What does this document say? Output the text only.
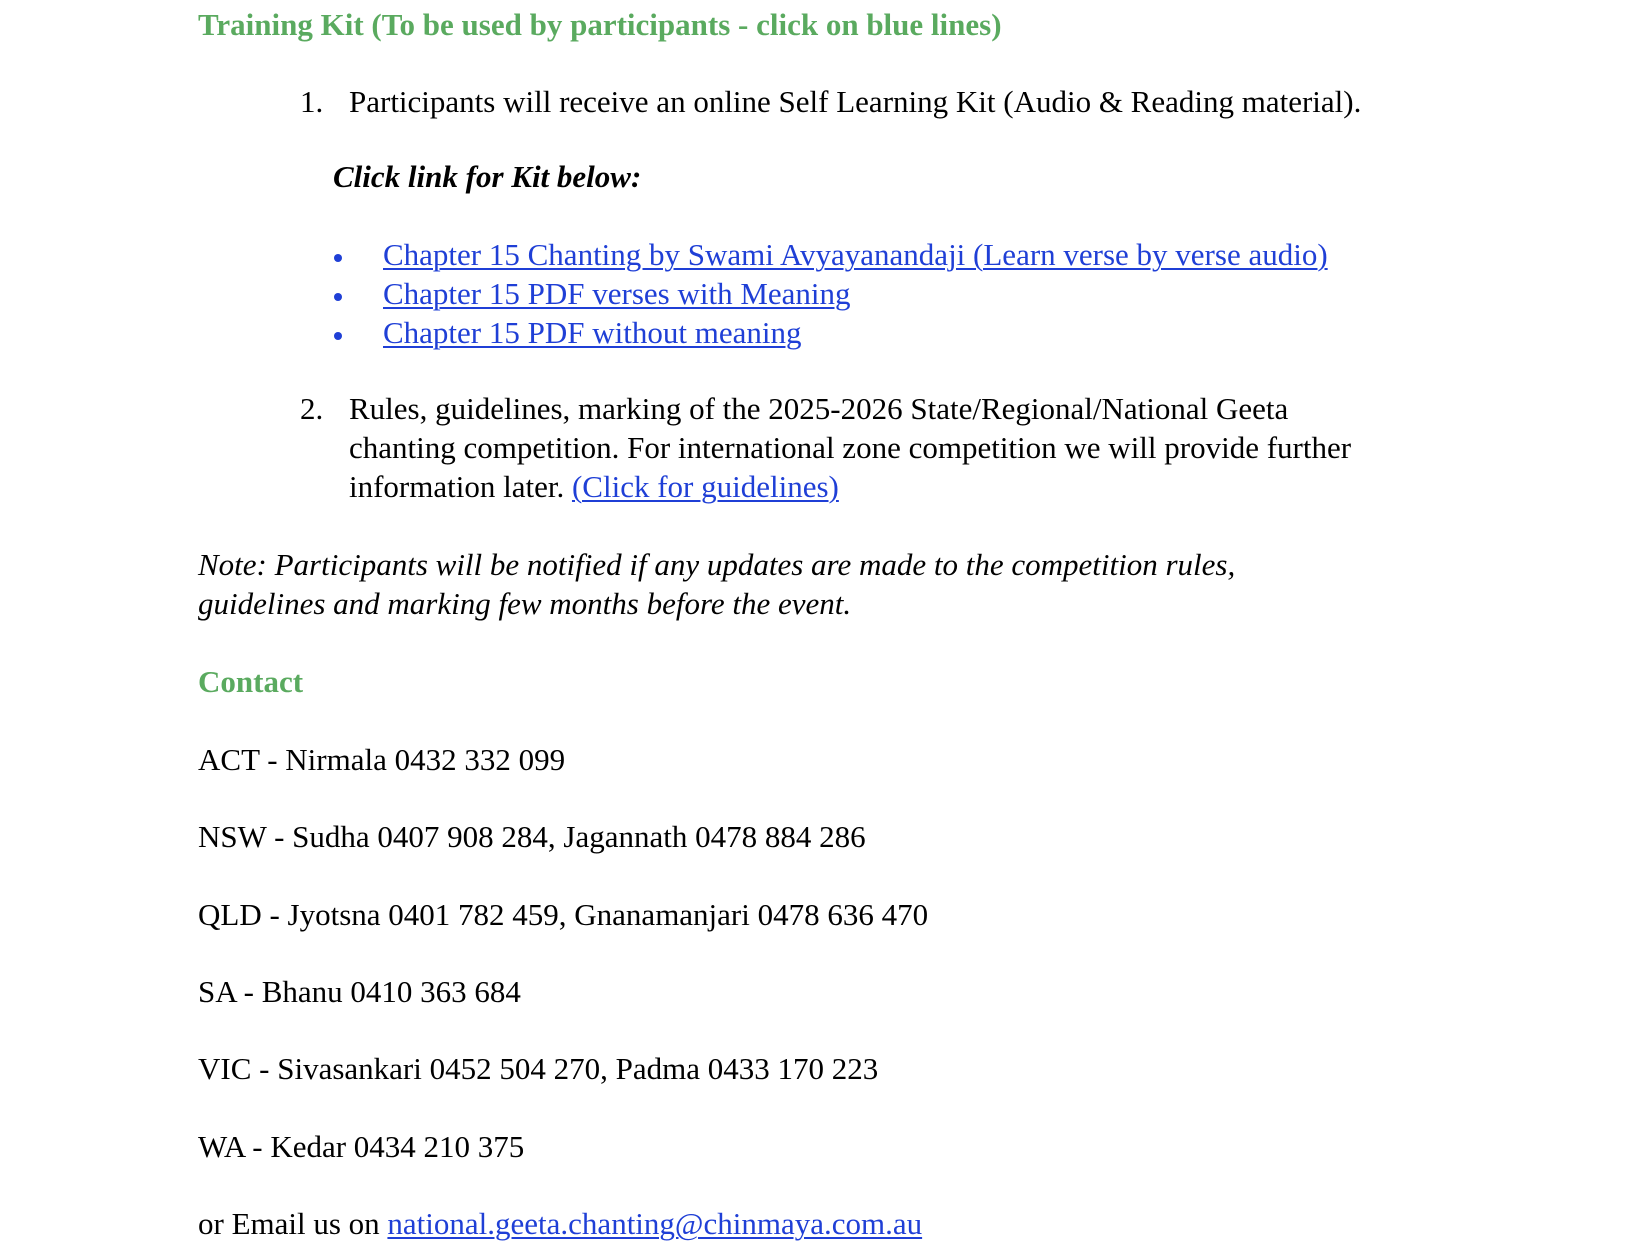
Training Kit (To be used by participants - click on blue lines)
1. Participants will receive an online Self Learning Kit (Audio & Reading material).
Click link for Kit below:
Chapter 15 Chanting by Swami Avyayanandaji (Learn verse by verse audio)
Chapter 15 PDF verses with Meaning
Chapter 15 PDF without meaning
2. Rules, guidelines, marking of the 2025-2026 State/Regional/National Geeta
chanting competition. For international zone competition we will provide further
information later. (Click for guidelines)
Note: Participants will be notified if any updates are made to the competition rules,
guidelines and marking few months before the event.
Contact
ACT - Nirmala 0432 332 099
NSW - Sudha 0407 908 284, Jagannath 0478 884 286
QLD - Jyotsna 0401 782 459, Gnanamanjari 0478 636 470
SA - Bhanu 0410 363 684
VIC - Sivasankari 0452 504 270, Padma 0433 170 223
WA - Kedar 0434 210 375
or Email us on national.geeta.chanting@chinmaya.com.au
